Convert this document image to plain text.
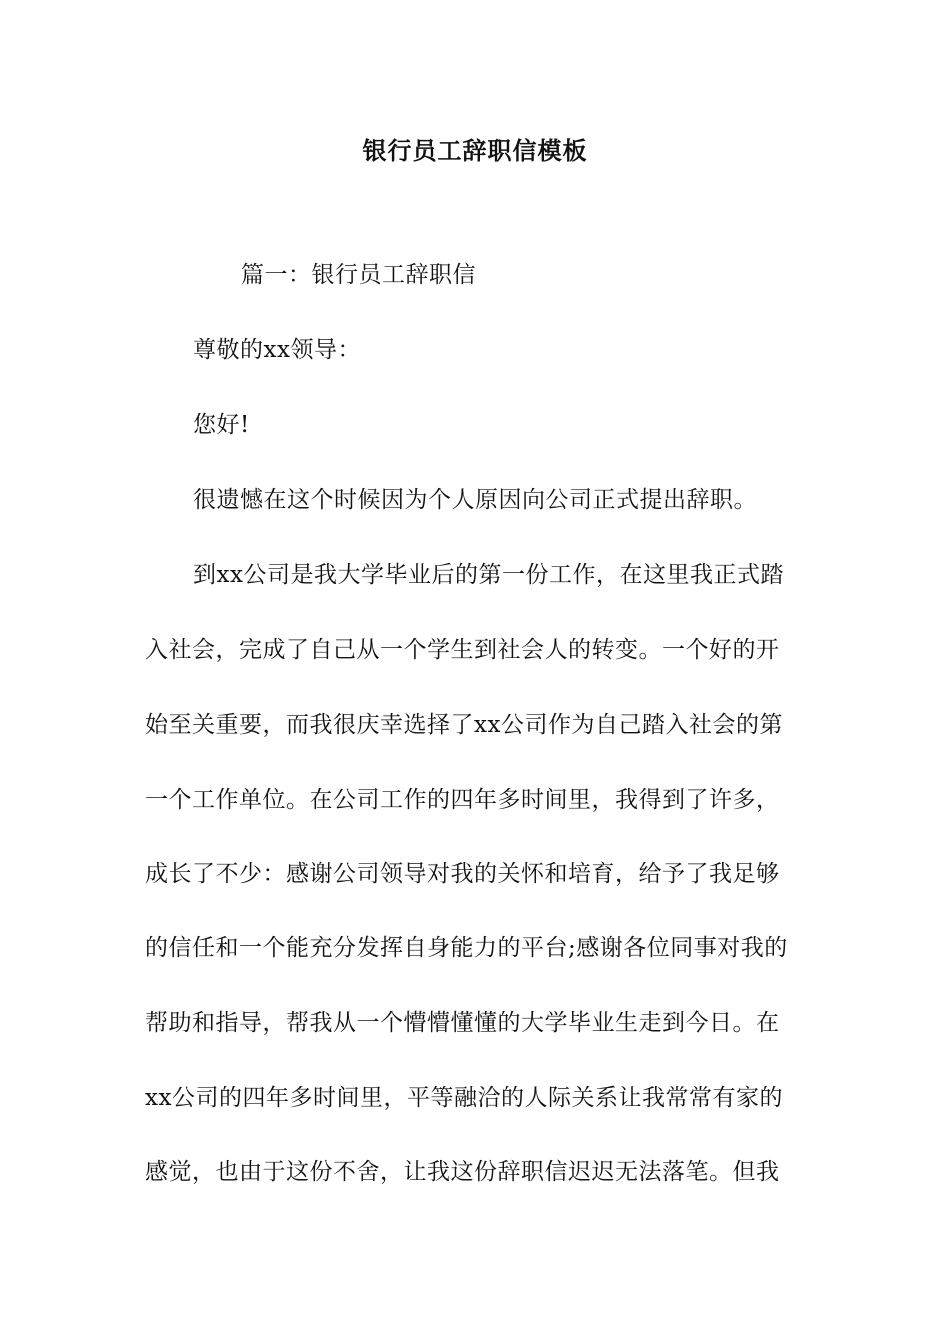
银行员工辞职信模板
篇一：银行员工辞职信
尊敬的xx领导：
您好!
很遗憾在这个时候因为个人原因向公司正式提出辞职。
到xx公司是我大学毕业后的第一份工作，在这里我正式踏
入社会，完成了自己从一个学生到社会人的转变。一个好的开
始至关重要，而我很庆幸选择了xx公司作为自己踏入社会的第
一个工作单位。在公司工作的四年多时间里，我得到了许多，
成长了不少：感谢公司领导对我的关怀和培育，给予了我足够
的信任和一个能充分发挥自身能力的平台;感谢各位同事对我的
帮助和指导，帮我从一个懵懵懂懂的大学毕业生走到今日。在
xx公司的四年多时间里，平等融洽的人际关系让我常常有家的
感觉，也由于这份不舍，让我这份辞职信迟迟无法落笔。但我
